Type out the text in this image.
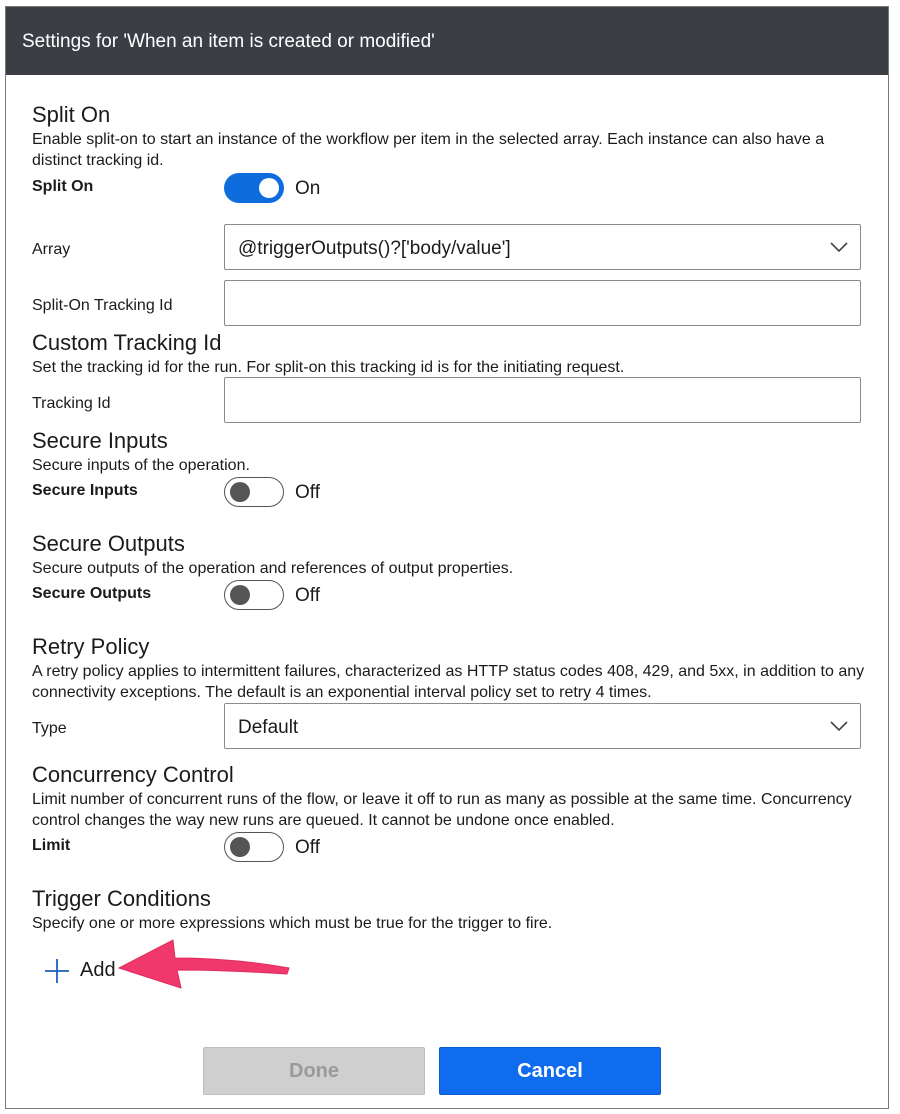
Settings for 'When an item is created or modified'
Split On
Enable split-on to start an instance of the workflow per item in the selected array. Each instance can also have a distinct tracking id.
Split On	On
Array	@triggerOutputs()?['body/value']
Split-On Tracking Id
Custom Tracking Id
Set the tracking id for the run. For split-on this tracking id is for the initiating request.
Tracking Id
Secure Inputs
Secure inputs of the operation.
Secure Inputs	Off
Secure Outputs
Secure outputs of the operation and references of output properties.
Secure Outputs	Off
Retry Policy
A retry policy applies to intermittent failures, characterized as HTTP status codes 408, 429, and 5xx, in addition to any connectivity exceptions. The default is an exponential interval policy set to retry 4 times.
Type	Default
Concurrency Control
Limit number of concurrent runs of the flow, or leave it off to run as many as possible at the same time. Concurrency control changes the way new runs are queued. It cannot be undone once enabled.
Limit	Off
Trigger Conditions
Specify one or more expressions which must be true for the trigger to fire.
Add
Done	Cancel
